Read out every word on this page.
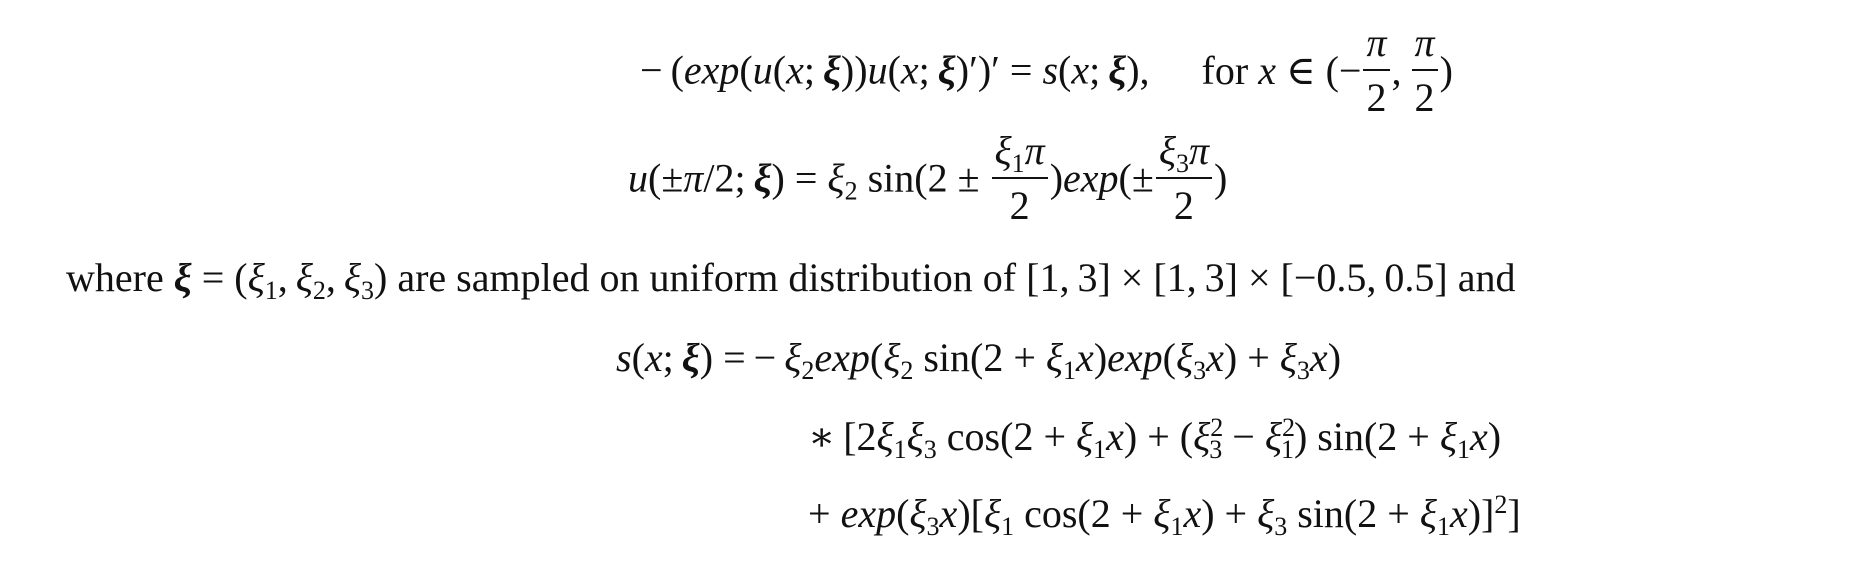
− (exp(u(x; ξ))u(x; ξ)′)′ = s(x; ξ), for x ∈ (− $\frac{\pi}{2}$ ,  $\frac{\pi}{2}$ )
u(±π/2; $\xi) = \xi_2$ $\sin(2 \pm \frac{\xi_1\pi}{2} )\exp(\pm \frac{\xi_3\pi}{2}$ )
where $\xi = (\xi_1$, $\xi_2$, $\xi_3$) are sampled on uniform distribution of [1, 3] × [1, 3] × [−0.5, 0.5] and
s(x; ξ) = − $\xi_2\exp(\xi_2$ $\sin(2 + \xi_1x)\exp(\xi_3x) + \xi_3x$)
∗ [$2\xi_1\xi_3$ $\cos(2 + \xi_1x) + (\xi^2_3 - \xi^2_1)$ $\sin(2 + \xi_1x)$
+ $\exp(\xi_3x)[\xi_1$ $\cos(2 + \xi_1x) + \xi_3$ $\sin(2 + \xi_1x)]^2$]
